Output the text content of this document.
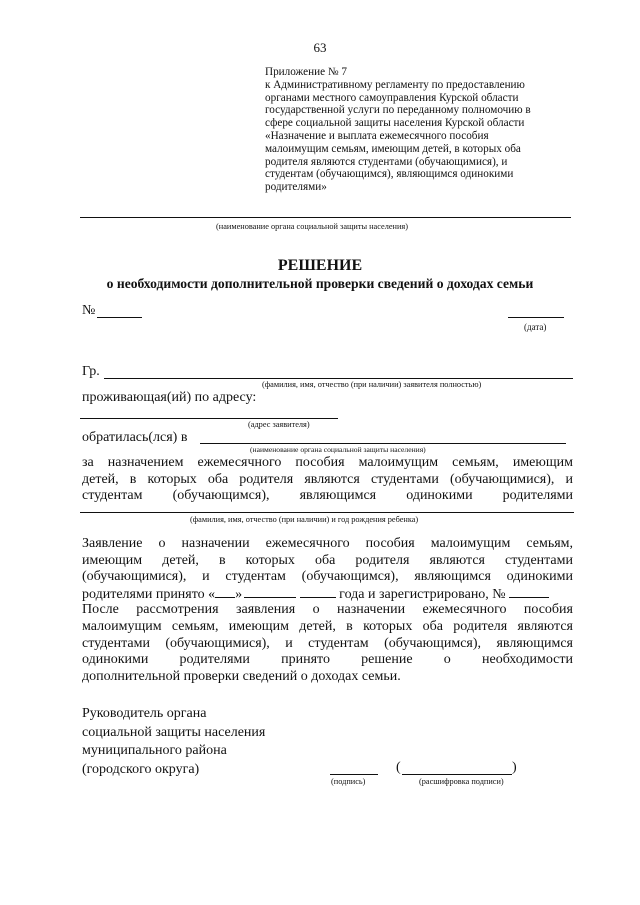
63
Приложение № 7
к Административному регламенту по предоставлению
органами местного самоуправления Курской области
государственной услуги по переданному полномочию в
сфере социальной защиты населения Курской области
«Назначение и выплата ежемесячного пособия
малоимущим семьям, имеющим детей, в которых оба
родителя являются студентами (обучающимися), и
студентам (обучающимся), являющимся одинокими
родителями»
(наименование органа социальной защиты населения)
РЕШЕНИЕ
о необходимости дополнительной проверки сведений о доходах семьи
№
(дата)
Гр.
(фамилия, имя, отчество (при наличии) заявителя полностью)
проживающая(ий) по адресу:
(адрес заявителя)
обратилась(лся) в
(наименование органа социальной защиты населения)
за назначением ежемесячного пособия малоимущим семьям, имеющим
детей, в которых оба родителя являются студентами (обучающимися), и
студентам (обучающимся), являющимся одинокими родителями
(фамилия, имя, отчество (при наличии) и год рождения ребенка)
Заявление о назначении ежемесячного пособия малоимущим семьям,
имеющим детей, в которых оба родителя являются студентами
(обучающимися), и студентам (обучающимся), являющимся одинокими
родителями принято « »	года и зарегистрировано, №
После рассмотрения заявления о назначении ежемесячного пособия
малоимущим семьям, имеющим детей, в которых оба родителя являются
студентами (обучающимися), и студентам (обучающимся), являющимся
одинокими родителями принято решение о необходимости
дополнительной проверки сведений о доходах семьи.
Руководитель органа
социальной защиты населения
муниципального района
(городского округа)
(подпись)
(	)
(расшифровка подписи)
